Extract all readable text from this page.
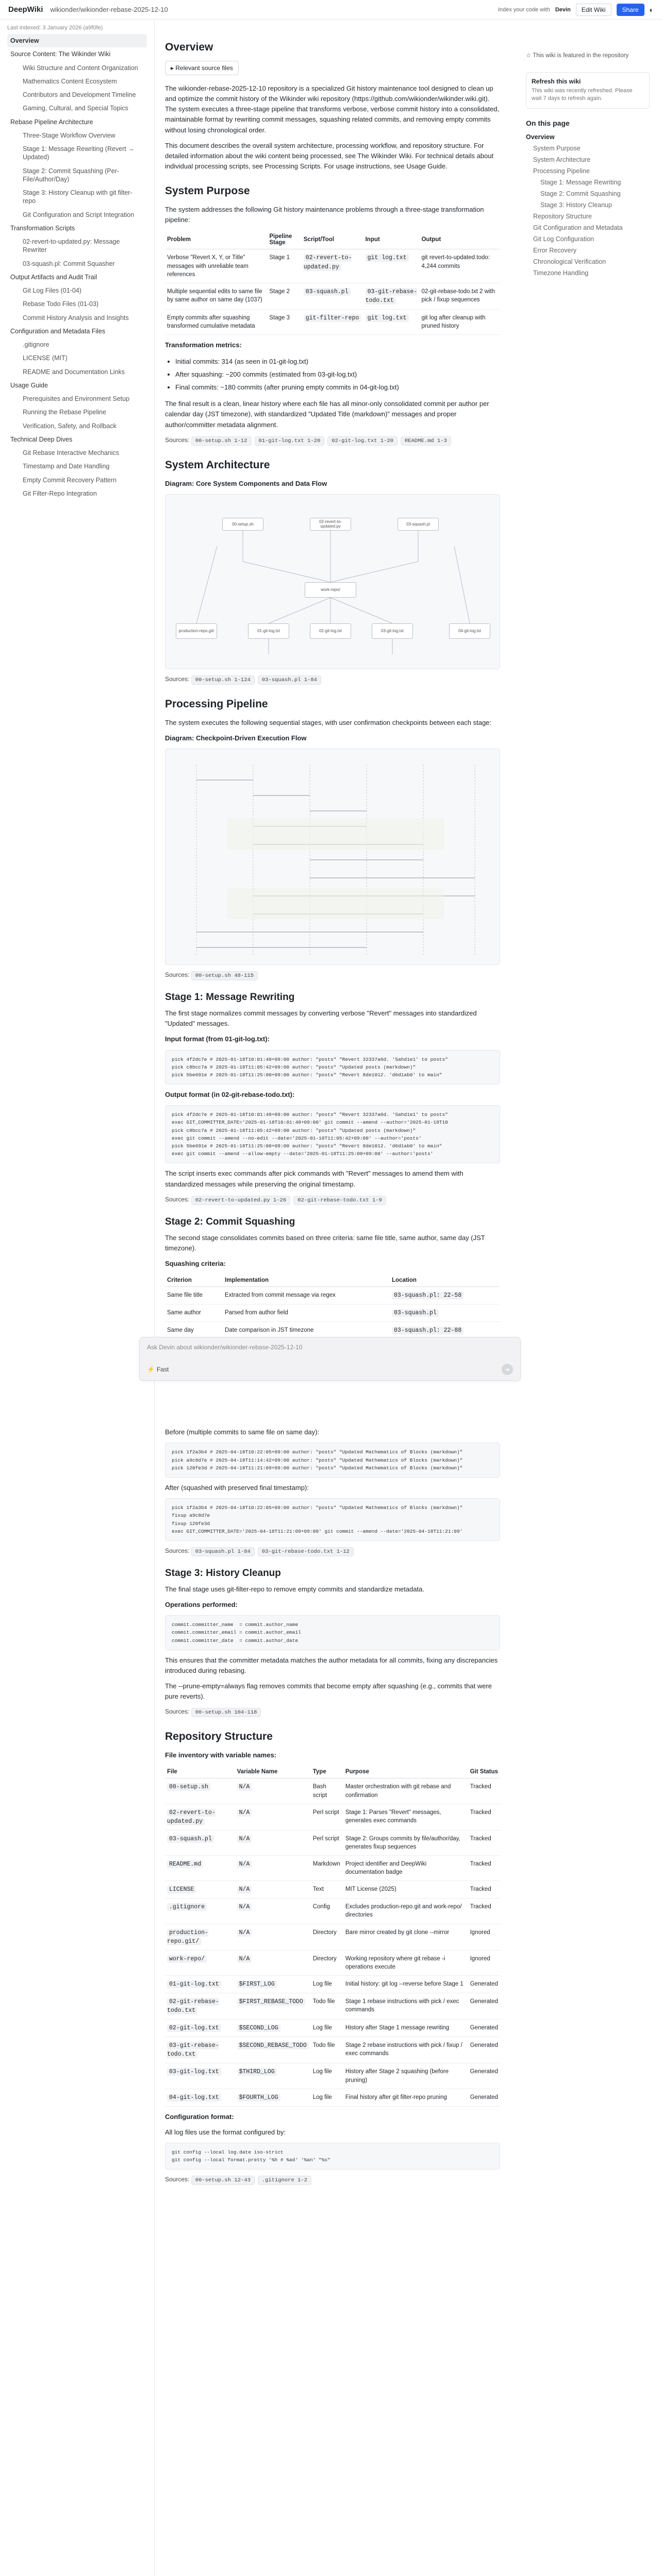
DeepWiki wikionder/wikionder-rebase-2025-12-10	Index your code with Devin	Edit Wiki	Share	◐
Last indexed: 3 January 2026 (a9f0fe)
Overview
Source Content: The Wikinder Wiki
Wiki Structure and Content Organization
Mathematics Content Ecosystem
Contributors and Development Timeline
Gaming, Cultural, and Special Topics
Rebase Pipeline Architecture
Three-Stage Workflow Overview
Stage 1: Message Rewriting (Revert → Updated)
Stage 2: Commit Squashing (Per-File/Author/Day)
Stage 3: History Cleanup with git filter-repo
Git Configuration and Script Integration
Transformation Scripts
02-revert-to-updated.py: Message Rewriter
03-squash.pl: Commit Squasher
Output Artifacts and Audit Trail
Git Log Files (01-04)
Rebase Todo Files (01-03)
Commit History Analysis and Insights
Configuration and Metadata Files
.gitignore
LICENSE (MIT)
README and Documentation Links
Usage Guide
Prerequisites and Environment Setup
Running the Rebase Pipeline
Verification, Safety, and Rollback
Technical Deep Dives
Git Rebase Interactive Mechanics
Timestamp and Date Handling
Empty Commit Recovery Pattern
Git Filter-Repo Integration
Overview
▸ Relevant source files

The wikionder-rebase-2025-12-10 repository is a specialized Git history maintenance tool designed to clean up and optimize the commit history of the Wikinder wiki repository (https://github.com/wikionder/wikinder.wiki.git). The system executes a three-stage pipeline that transforms verbose, verbose commit history into a consolidated, maintainable format by rewriting commit messages, squashing related commits, and removing empty commits without losing chronological order.

This document describes the overall system architecture, processing workflow, and repository structure. For detailed information about the wiki content being processed, see The Wikinder Wiki. For technical details about individual processing scripts, see Processing Scripts. For usage instructions, see Usage Guide.

System Purpose

The system addresses the following Git history maintenance problems through a three-stage transformation pipeline:

Problem	Pipeline Stage	Script/Tool	Input	Output
Verbose "Revert X, Y, or Title" messages with unreliable team references	Stage 1	02-revert-to-updated.py	git log.txt	git revert-to-updated.todo: 4,244 commits
Multiple sequential edits to same file by same author on same day (1037)	Stage 2	03-squash.pl	03-git-rebase-todo.txt	02-git-rebase-todo.txt 2 with pick / fixup sequences
Empty commits after squashing transformed cumulative metadata	Stage 3	git-filter-repo	git log.txt	git log after cleanup with pruned history

Transformation metrics:

• Initial commits: 314 (as seen in 01-git-log.txt)
• After squashing: ~200 commits (estimated from 03-git-log.txt)
• Final commits: ~180 commits (after pruning empty commits in 04-git-log.txt)

The final result is a clean, linear history where each file has all minor-only consolidated commit per author per calendar day (JST timezone), with standardized "Updated Title (markdown)" messages and proper author/committer metadata alignment.

Sources: 00-setup.sh 1-12 01-git-log.txt 1-20 02-git-log.txt 1-20 README.md 1-3
System Architecture

Diagram: Core System Components and Data Flow

00-setup.sh	02-revert-to-updated.py	03-squash.pl
work-repo/
01-git-log.txt	02-git-log.txt	03-git-log.txt
production-repo.git/	04-git-log.txt
Sources: 00-setup.sh 1-124 03-squash.pl 1-84
Processing Pipeline

The system executes the following sequential stages, with user confirmation checkpoints between each stage:

Diagram: Checkpoint-Driven Execution Flow

Sources: 00-setup.sh 48-115
Stage 1: Message Rewriting

The first stage normalizes commit messages by converting verbose "Revert" messages into standardized "Updated" messages.

Input format (from 01-git-log.txt):

pick 4f2dc7e # 2025-01-18T10:01:48+09:00 author: "posts" "Revert 32337a6d. 'Sahd1e1' to posts"
pick c8bcc7a # 2025-01-18T11:05:42+09:00 author: "posts" "Updated posts (markdown)"
pick 5be691e # 2025-01-18T11:25:00+09:00 author: "posts" "Revert 8de1012. 'd6d1ab0' to main"

Output format (in 02-git-rebase-todo.txt):

pick 4f2dc7e # 2025-01-18T10:01:48+09:00 author: "posts" "Revert 32337a6d. 'Sahd1e1' to posts"
exec GIT_COMMITTER_DATE='2025-01-18T10:01:48+09:00' git commit --amend --author='2025-01-18T10
pick c8bcc7a # 2025-01-18T11:05:42+09:00 author: "posts" "Updated posts (markdown)"
exec git commit --amend --no-edit --date='2025-01-18T11:05:42+09:00' --author='posts'
pick 5be691e # 2025-01-18T11:25:00+09:00 author: "posts" "Revert 8de1012. 'd6d1ab0' to main"
exec git commit --amend --allow-empty --date='2025-01-18T11:25:00+09:00' --author='posts'

The script inserts exec commands after pick commands with "Revert" messages to amend them with standardized messages while preserving the original timestamp.

Sources: 02-revert-to-updated.py 1-26 02-git-rebase-todo.txt 1-9
Stage 2: Commit Squashing

The second stage consolidates commits based on three criteria: same file title, same author, same day (JST timezone).

Squashing criteria:

Criterion	Implementation	Location
Same file title	Extracted from commit message via regex	03-squash.pl: 22-58
Same author	Parsed from author field	03-squash.pl
Same day	Date comparison in JST timezone	03-squash.pl: 22-88

Before (multiple commits to same file on same day):

pick 1f2a3b4 # 2025-04-18T10:22:05+09:00 author: "posts" "Updated Mathematics of Blocks (markdown)"
pick a9c8d7e # 2025-04-18T11:14:42+09:00 author: "posts" "Updated Mathematics of Blocks (markdown)"
pick 120fe3d # 2025-04-18T11:21:09+09:00 author: "posts" "Updated Mathematics of Blocks (markdown)"

After (squashed with preserved final timestamp):

pick 1f2a3b4 # 2025-04-18T10:22:05+09:00 author: "posts" "Updated Mathematics of Blocks (markdown)"
fixup a9c8d7e
fixup 120fe3d
exec GIT_COMMITTER_DATE='2025-04-18T11:21:09+09:00' git commit --amend --date='2025-04-18T11:21:09'
Sources: 03-squash.pl 1-84 03-git-rebase-todo.txt 1-12
Stage 3: History Cleanup

The final stage uses git-filter-repo to remove empty commits and standardize metadata.

Operations performed:

commit.committer_name  = commit.author_name
commit.committer_email = commit.author_email
commit.committer_date  = commit.author_date

This ensures that the committer metadata matches the author metadata for all commits, fixing any discrepancies introduced during rebasing.

The --prune-empty=always flag removes commits that become empty after squashing (e.g., commits that were pure reverts).

Sources: 00-setup.sh 104-118
Repository Structure

File inventory with variable names:

File	Variable Name	Type	Purpose	Git Status
00-setup.sh	N/A	Bash script	Master orchestration with git rebase and confirmation	Tracked
02-revert-to-updated.py	N/A	Perl script	Stage 1: Parses "Revert" messages, generates exec commands	Tracked
03-squash.pl	N/A	Perl script	Stage 2: Groups commits by file/author/day, generates fixup sequences	Tracked
README.md	N/A	Markdown	Project identifier and DeepWiki documentation badge	Tracked
LICENSE	N/A	Text	MIT License (2025)	Tracked
.gitignore	N/A	Config	Excludes production-repo.git and work-repo/ directories	Tracked
production-repo.git/	N/A	Directory	Bare mirror created by git clone --mirror	Ignored
work-repo/	N/A	Directory	Working repository where git rebase -i operations execute	Ignored
01-git-log.txt	$FIRST_LOG	Log file	Initial history: git log --reverse before Stage 1	Generated
02-git-rebase-todo.txt	$FIRST_REBASE_TODO	Todo file	Stage 1 rebase instructions with pick / exec commands	Generated
02-git-log.txt	$SECOND_LOG	Log file	History after Stage 1 message rewriting	Generated
03-git-rebase-todo.txt	$SECOND_REBASE_TODO	Todo file	Stage 2 rebase instructions with pick / fixup / exec commands	Generated
03-git-log.txt	$THIRD_LOG	Log file	History after Stage 2 squashing (before pruning)	Generated
04-git-log.txt	$FOURTH_LOG	Log file	Final history after git filter-repo pruning	Generated

Configuration format:

All log files use the format configured by:

git config --local log.date iso-strict
git config --local format.pretty '%h # %ad' '%an' "%s"
Sources: 00-setup.sh 12-43 .gitignore 1-2
Ask Devin about wikionder/wikionder-rebase-2025-12-10
⚡ Fast	➜
☆ This wiki is featured in the repository
Refresh this wiki
This wiki was recently refreshed. Please wait 7 days to refresh again.
On this page
Overview
System Purpose
System Architecture
Processing Pipeline
Stage 1: Message Rewriting
Stage 2: Commit Squashing
Stage 3: History Cleanup
Repository Structure
Git Configuration and Metadata
Git Log Configuration
Error Recovery
Chronological Verification
Timezone Handling
